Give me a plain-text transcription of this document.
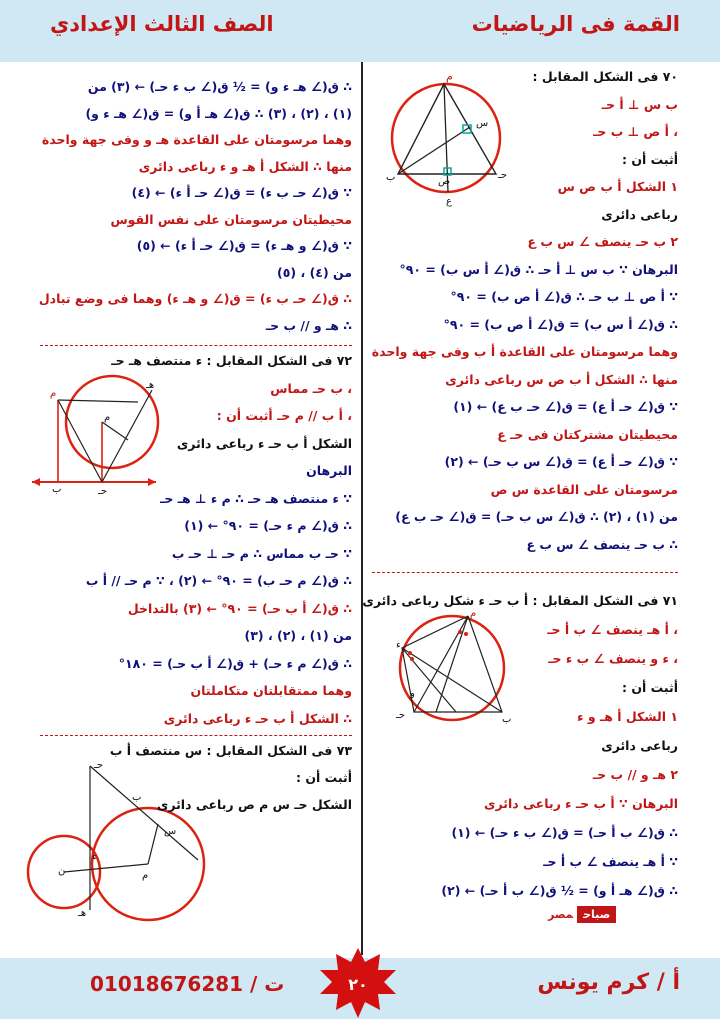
القمة فى الرياضيات
الصف الثالث الإعدادي
م
س
ب	حـ
ص
ع
م
ء
حـ	ب
و
م
م
هـ
ب	حـ
حـ
ب
س
م
ن
ء
هـ
٧٠ فى الشكل المقابل :
ب س ⊥ أ حـ
، أ ص ⊥ ب حـ
أثبت أن :
١ الشكل أ ب ص س
رباعى دائرى
٢ ب حـ ينصف ∠ س ب ع
البرهان ∵ ب س ⊥ أ حـ ∴ ق(∠ أ س ب) = ٩٠°
∵ أ ص ⊥ ب حـ ∴ ق(∠ أ ص ب) = ٩٠°
∴ ق(∠ أ س ب) = ق(∠ أ ص ب) = ٩٠°
وهما مرسومتان على القاعدة أ ب وفى جهة واحدة
منها ∴ الشكل أ ب ص س رباعى دائرى
∵ ق(∠ حـ أ ع) = ق(∠ حـ ب ع) ← (١)
محيطيتان مشتركتان فى حـ ع
∵ ق(∠ حـ أ ع) = ق(∠ س ب حـ) ← (٢)
مرسومتان على القاعدة س ص
من (١) ، (٢) ∴ ق(∠ س ب حـ) = ق(∠ حـ ب ع)
∴ ب حـ ينصف ∠ س ب ع
٧١ فى الشكل المقابل : أ ب حـ ء شكل رباعى دائرى
، أ هـ ينصف ∠ ب أ حـ
، ء و ينصف ∠ ب ء حـ
أثبت أن :
١ الشكل أ هـ و ء
رباعى دائرى
٢ هـ و // ب حـ
البرهان ∵ أ ب حـ ء رباعى دائرى
∴ ق(∠ ب أ حـ) = ق(∠ ب ء حـ) ← (١)
∵ أ هـ ينصف ∠ ب أ حـ
∴ ق(∠ هـ أ و) = ½ ق(∠ ب أ حـ) ← (٢)
∴ ق(∠ هـ ء و) = ½ ق(∠ ب ء حـ) ← (٣) من
(١) ، (٢) ، (٣) ∴ ق(∠ هـ أ و) = ق(∠ هـ ء و)
وهما مرسومتان على القاعدة هـ و وفى جهة واحدة
منها ∴ الشكل أ هـ و ء رباعى دائرى
∵ ق(∠ حـ ب ء) = ق(∠ حـ أ ء) ← (٤)
محيطيتان مرسومتان على نفس القوس
∵ ق(∠ و هـ ء) = ق(∠ حـ أ ء) ← (٥)
من (٤) ، (٥)
∴ ق(∠ حـ ب ء) = ق(∠ و هـ ء) وهما فى وضع تبادل
∴ هـ و // ب حـ
٧٢ فى الشكل المقابل : ء منتصف هـ حـ
، ب حـ مماس
، أ ب // م حـ أثبت أن :
الشكل أ ب حـ ء رباعى دائرى
البرهان
∵ ء منتصف هـ حـ ∴ م ء ⊥ هـ حـ
∴ ق(∠ م ء حـ) = ٩٠° ← (١)
∵ حـ ب مماس ∴ م حـ ⊥ حـ ب
∴ ق(∠ م حـ ب) = ٩٠° ← (٢) ، ∵ م حـ // أ ب
∴ ق(∠ أ ب حـ) = ٩٠° ← (٣) بالتداخل
من (١) ، (٢) ، (٣)
∴ ق(∠ م ء حـ) + ق(∠ أ ب حـ) = ١٨٠°
وهما ممتقابلتان متكاملتان
∴ الشكل أ ب حـ ء رباعى دائرى
٧٣ فى الشكل المقابل : س منتصف أ ب
أثبت أن :
الشكل حـ س م ص رباعى دائرى
صباحمصر
أ / كرم يونس
ت / 01018676281	٢٠
